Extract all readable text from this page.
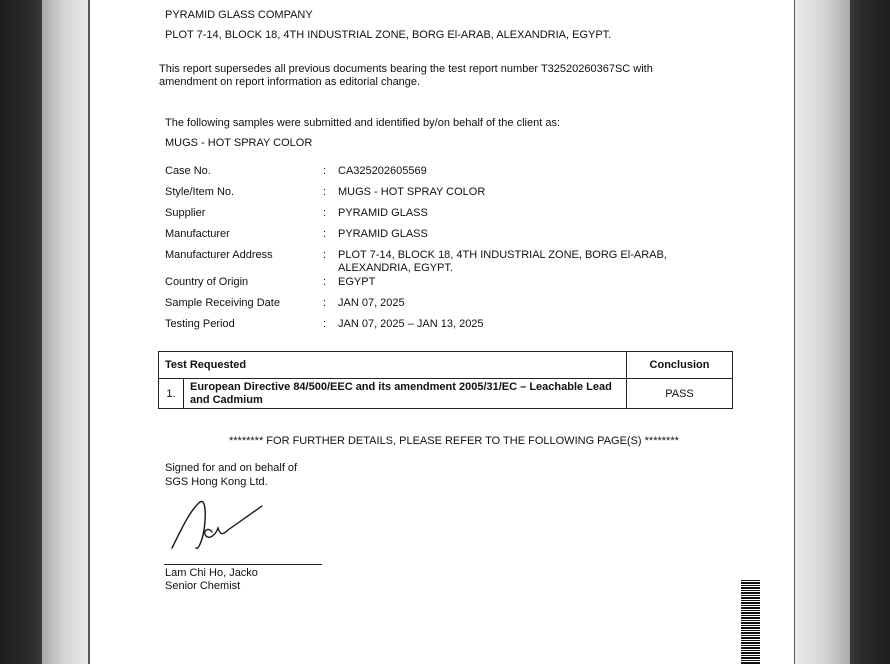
PYRAMID GLASS COMPANY
PLOT 7-14, BLOCK 18, 4TH INDUSTRIAL ZONE, BORG El-ARAB, ALEXANDRIA, EGYPT.
This report supersedes all previous documents bearing the test report number T32520260367SC with
amendment on report information as editorial change.
The following samples were submitted and identified by/on behalf of the client as:
MUGS - HOT SPRAY COLOR
Case No.	: CA325202605569
Style/Item No.	: MUGS - HOT SPRAY COLOR
Supplier	: PYRAMID GLASS
Manufacturer	: PYRAMID GLASS
Manufacturer Address	: PLOT 7-14, BLOCK 18, 4TH INDUSTRIAL ZONE, BORG El-ARAB, ALEXANDRIA, EGYPT.
Country of Origin	: EGYPT
Sample Receiving Date	: JAN 07, 2025
Testing Period	: JAN 07, 2025 – JAN 13, 2025
Test Requested		Conclusion
1.	European Directive 84/500/EEC and its amendment 2005/31/EC – Leachable Lead and Cadmium	PASS
******** FOR FURTHER DETAILS, PLEASE REFER TO THE FOLLOWING PAGE(S) ********
Signed for and on behalf of
SGS Hong Kong Ltd.
Lam Chi Ho, Jacko
Senior Chemist
